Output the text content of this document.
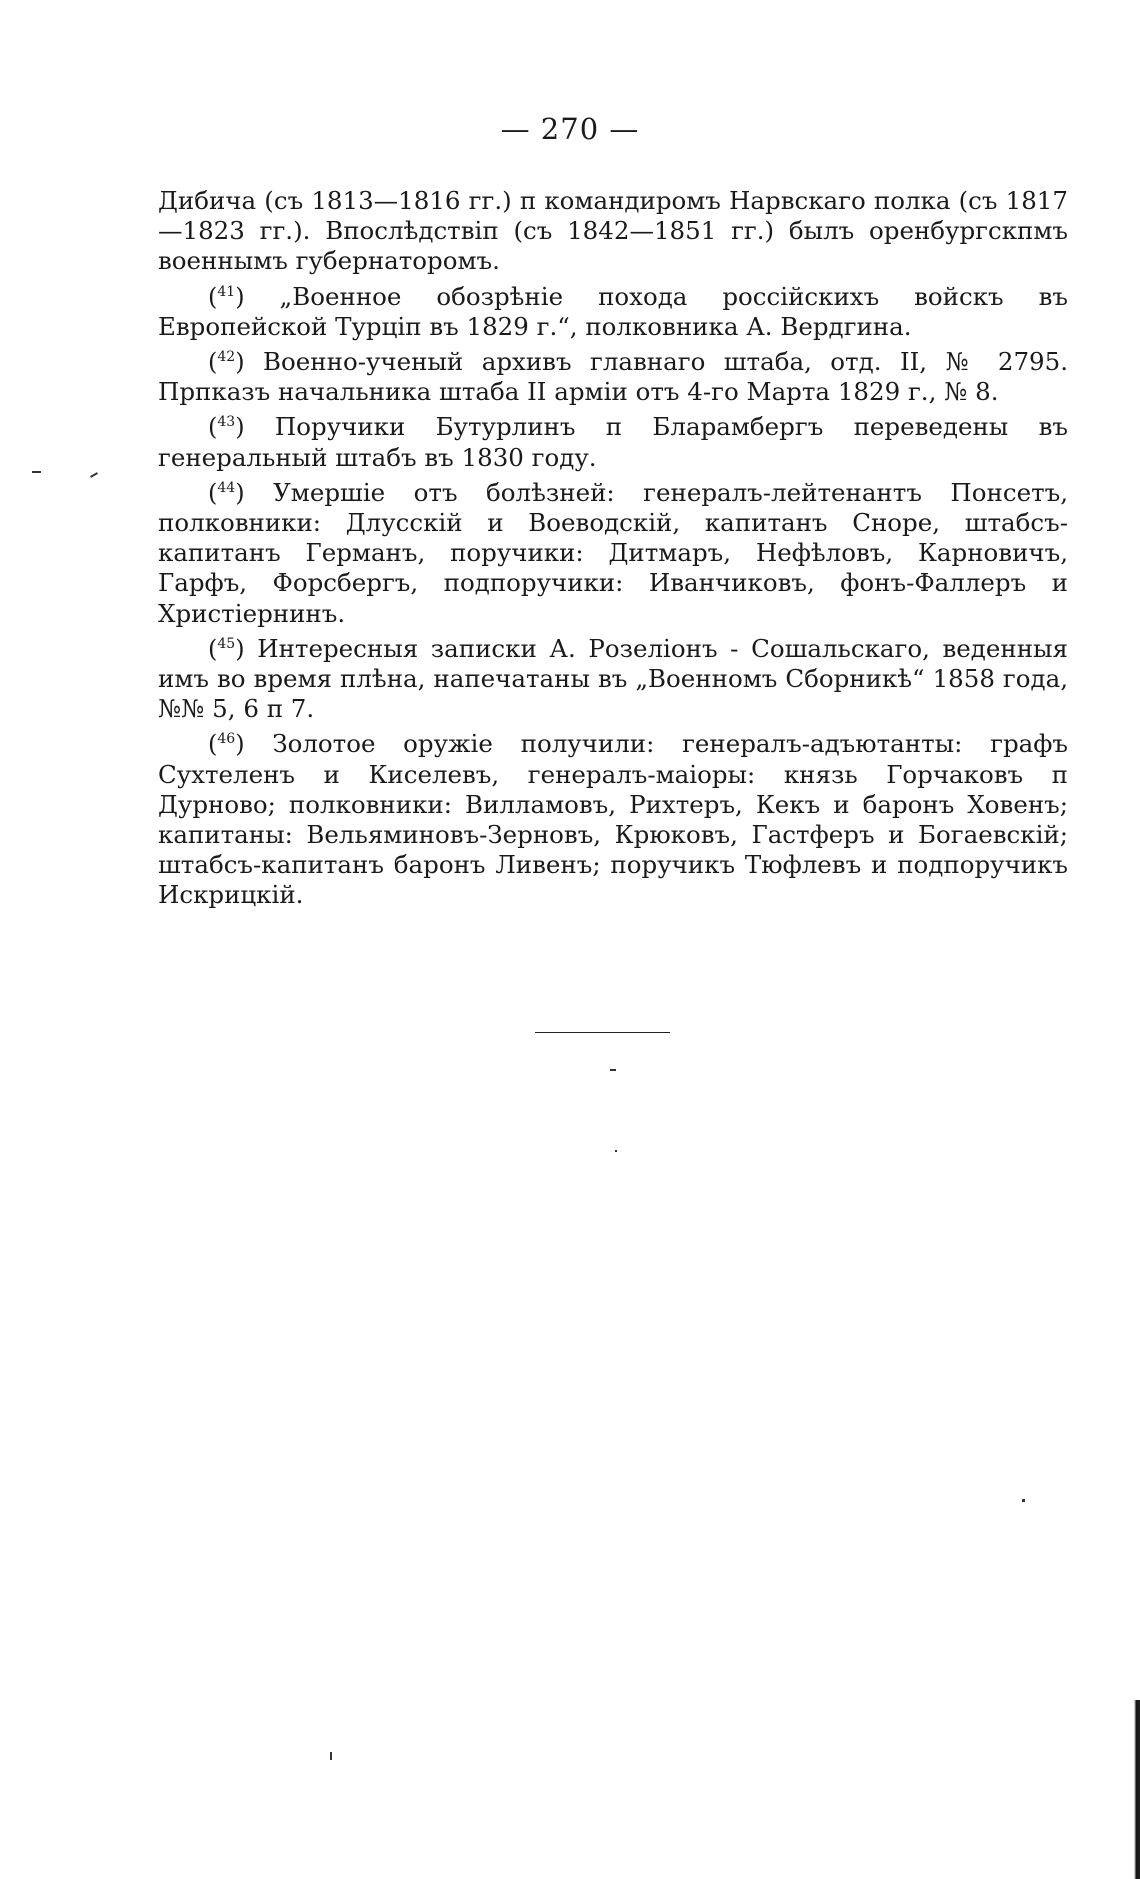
— 270 —

Дибича (съ 1813—1816 гг.) п командиромъ Нарвскаго полка (съ 1817—1823 гг.). Впослѣдствіп (съ 1842—1851 гг.) былъ оренбургскпмъ военнымъ губернаторомъ.

($^{41}$) „Военное обозрѣніе похода россійскихъ войскъ въ Европейской Турціп въ 1829 г.“, полковника А. Вердгина.

($^{42}$) Военно-ученый архивъ главнаго штаба, отд. II, № 2795. Прпказъ начальника штаба II арміи отъ 4-го Марта 1829 г., № 8.

($^{43}$) Поручики Бутурлинъ п Бларамбергъ переведены въ генеральный штабъ въ 1830 году.

($^{44}$) Умершіе отъ болѣзней: генералъ-лейтенантъ Понсетъ, полковники: Длусскій и Воеводскій, капитанъ Сноре, штабсъ-капитанъ Германъ, поручики: Дитмаръ, Нефѣловъ, Карновичъ, Гарфъ, Форсбергъ, подпоручики: Иванчиковъ, фонъ-Фаллеръ и Христіернинъ.

($^{45}$) Интересныя записки А. Розеліонъ - Сошальскаго, веденныя имъ во время плѣна, напечатаны въ „Военномъ Сборникѣ“ 1858 года, №№ 5, 6 п 7.

($^{46}$) Золотое оружіе получили: генералъ-адъютанты: графъ Сухтеленъ и Киселевъ, генералъ-маіоры: князь Горчаковъ п Дурново; полковники: Вилламовъ, Рихтеръ, Кекъ и баронъ Ховенъ; капитаны: Вельяминовъ-Зерновъ, Крюковъ, Гастферъ и Богаевскій; штабсъ-капитанъ баронъ Ливенъ; поручикъ Тюфлевъ и подпоручикъ Искрицкій.
